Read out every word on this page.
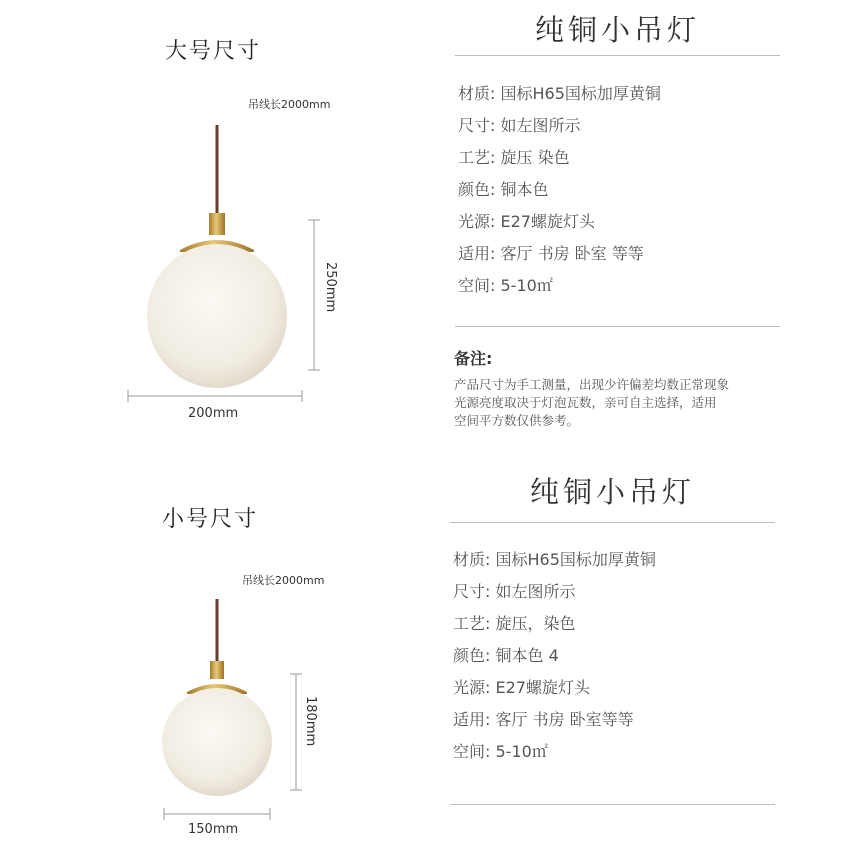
大号尺寸
吊线长2000mm
250mm
200mm
小号尺寸
吊线长2000mm
180mm
150mm
纯铜小吊灯
材质: 国标H65国标加厚黄铜
尺寸: 如左图所示
工艺: 旋压 染色
颜色: 铜本色
光源: E27螺旋灯头
适用: 客厅 书房 卧室 等等
空间: 5-10㎡
备注:
产品尺寸为手工测量，出现少许偏差均数正常现象
光源亮度取决于灯泡瓦数，亲可自主选择，适用
空间平方数仅供参考。
纯铜小吊灯
材质: 国标H65国标加厚黄铜
尺寸: 如左图所示
工艺: 旋压，染色
颜色: 铜本色 4
光源: E27螺旋灯头
适用: 客厅 书房 卧室等等
空间: 5-10㎡
